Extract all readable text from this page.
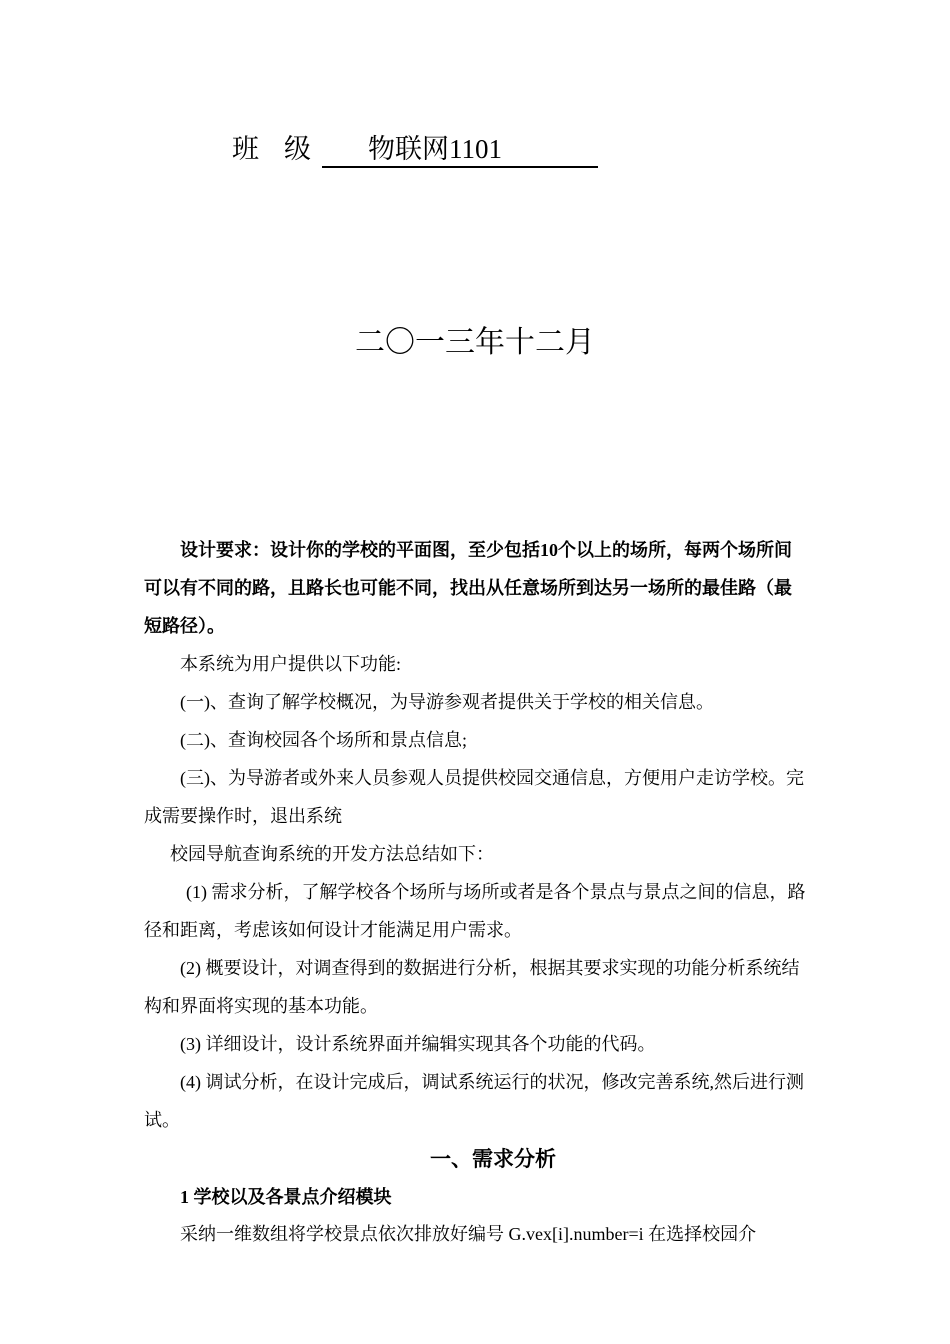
班级 物联网1101
二〇一三年十二月

设计要求：设计你的学校的平面图，至少包括10个以上的场所，每两个场所间可以有不同的路，且路长也可能不同，找出从任意场所到达另一场所的最佳路（最短路径）。

本系统为用户提供以下功能:

(一)、查询了解学校概况，为导游参观者提供关于学校的相关信息。

(二)、查询校园各个场所和景点信息;

(三)、为导游者或外来人员参观人员提供校园交通信息，方便用户走访学校。完成需要操作时，退出系统

校园导航查询系统的开发方法总结如下：

(1) 需求分析，了解学校各个场所与场所或者是各个景点与景点之间的信息，路径和距离，考虑该如何设计才能满足用户需求。

(2) 概要设计，对调查得到的数据进行分析，根据其要求实现的功能分析系统结构和界面将实现的基本功能。

(3) 详细设计，设计系统界面并编辑实现其各个功能的代码。

(4) 调试分析，在设计完成后，调试系统运行的状况，修改完善系统,然后进行测试。

一、需求分析

1 学校以及各景点介绍模块

采纳一维数组将学校景点依次排放好编号 G.vex[i].number=i 在选择校园介
